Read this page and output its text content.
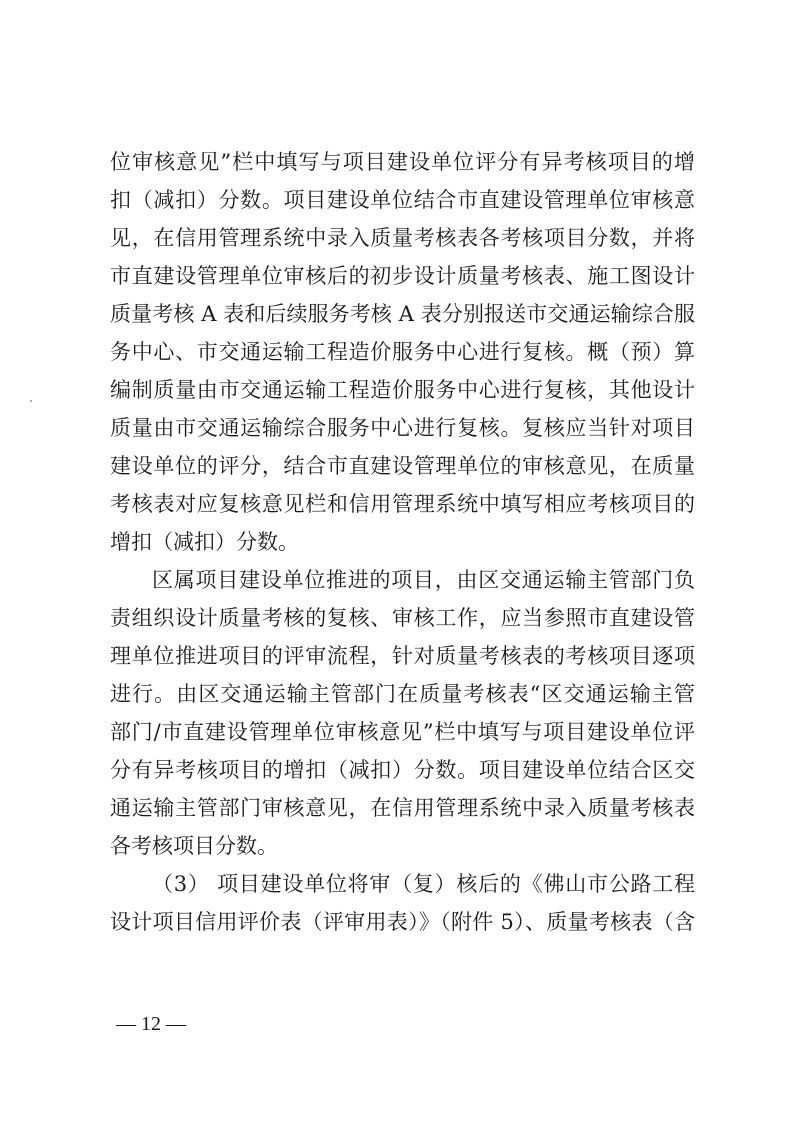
位审核意见”栏中填写与项目建设单位评分有异考核项目的增
扣（减扣）分数。项目建设单位结合市直建设管理单位审核意
见，在信用管理系统中录入质量考核表各考核项目分数，并将
市直建设管理单位审核后的初步设计质量考核表、施工图设计
质量考核 A 表和后续服务考核 A 表分别报送市交通运输综合服
务中心、市交通运输工程造价服务中心进行复核。概（预）算
编制质量由市交通运输工程造价服务中心进行复核，其他设计
质量由市交通运输综合服务中心进行复核。复核应当针对项目
建设单位的评分，结合市直建设管理单位的审核意见，在质量
考核表对应复核意见栏和信用管理系统中填写相应考核项目的
增扣（减扣）分数。
区属项目建设单位推进的项目，由区交通运输主管部门负
责组织设计质量考核的复核、审核工作，应当参照市直建设管
理单位推进项目的评审流程，针对质量考核表的考核项目逐项
进行。由区交通运输主管部门在质量考核表“区交通运输主管
部门/市直建设管理单位审核意见”栏中填写与项目建设单位评
分有异考核项目的增扣（减扣）分数。项目建设单位结合区交
通运输主管部门审核意见，在信用管理系统中录入质量考核表
各考核项目分数。
（3） 项目建设单位将审（复）核后的《佛山市公路工程
设计项目信用评价表（评审用表）》（附件 5）、质量考核表（含
— 12 —
